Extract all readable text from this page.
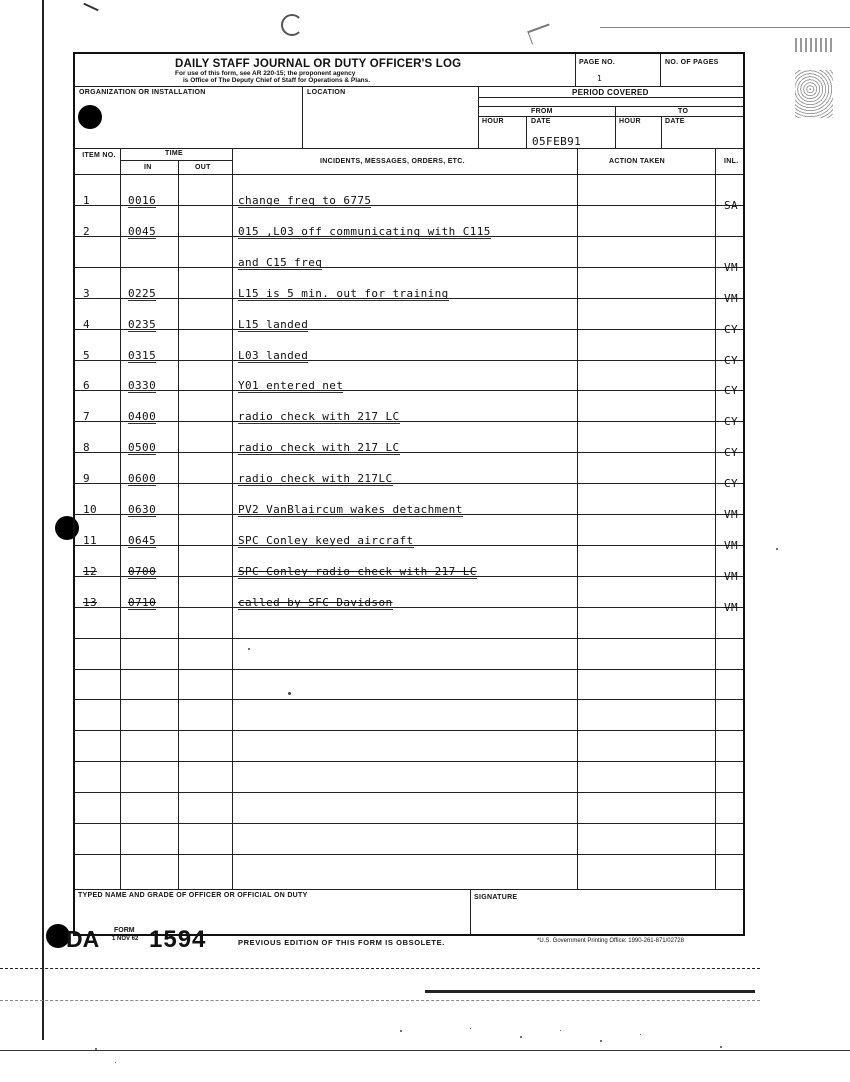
DAILY STAFF JOURNAL OR DUTY OFFICER'S LOG
For use of this form, see AR 220-15; the proponent agency
is Office of The Deputy Chief of Staff for Operations & Plans.
PAGE NO.
1
NO. OF PAGES
ORGANIZATION OR INSTALLATION	LOCATION	PERIOD COVERED
FROM	TO
HOUR	DATE
05FEB91
HOUR	DATE
ITEM NO.	TIME
IN	OUT
INCIDENTS, MESSAGES, ORDERS, ETC.	ACTION TAKEN	INL.
1	0016	change freq to 6775	SA
2	0045	015 ,L03 off communicating with C115
and C15 freq	VM
3	0225	L15 is 5 min. out for training	VM
4	0235	L15 landed	CY
5	0315	L03 landed	CY
6	0330	Y01 entered net	CY
7	0400	radio check with 217 LC	CY
8	0500	radio check with 217 LC	CY
9	0600	radio check with 217LC	CY
10	0630	PV2 VanBlaircum wakes detachment	VM
11	0645	SPC Conley keyed aircraft	VM
12	0700	SPC Conley radio check with 217 LC	VM
13	0710	called by SFC Davidson	VM
TYPED NAME AND GRADE OF OFFICER OR OFFICIAL ON DUTY	SIGNATURE
DA FORM
1 NOV 62 1594	PREVIOUS EDITION OF THIS FORM IS OBSOLETE.	*U.S. Government Printing Office: 1990-261-871/02728
